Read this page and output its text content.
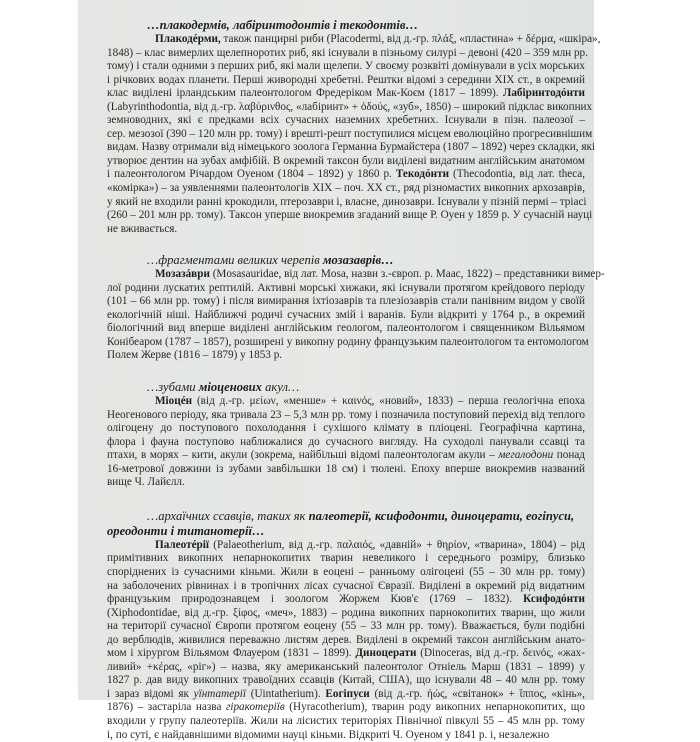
…плакодермів, лабіринтодонтів і текодонтів…
Плакодéрми, також панцирні риби (Placodermi, від д.-гр. πλάξ, «пластина» + δέρμα, «шкіра»,
1848) – клас вимерлих щелепноротих риб, які існували в пізньому силурі – девоні (420 – 359 млн рр.
тому) і стали одними з перших риб, які мали щелепи. У своєму розквіті домінували в усіх морських
і річкових водах планети. Перші живородні хребетні. Рештки відомі з середини XIX ст., в окремий
клас виділені ірландським палеонтологом Фредеріком Мак-Коєм (1817 – 1899). Лабіринтодóнти
(Labyrinthodontia, від д.-гр. λαβύρινθος, «лабіринт» + ὀδούς, «зуб», 1850) – широкий підклас викопних
земноводних, які є предками всіх сучасних наземних хребетних. Існували в пізн. палеозої –
сер. мезозої (390 – 120 млн рр. тому) і врешті-решт поступилися місцем еволюційно прогресивнішим
видам. Назву отримали від німецького зоолога Германна Бурмайстера (1807 – 1892) через складки, які
утворює дентин на зубах амфібій. В окремий таксон були виділені видатним англійським анатомом
і палеонтологом Річардом Оуеном (1804 – 1892) у 1860 р. Текодóнти (Thecodontia, від лат. theca,
«комірка») – за уявленнями палеонтологів XIX – поч. XX ст., ряд різномастих викопних архозаврів,
у який не входили ранні крокодили, птерозаври і, власне, динозаври. Існували у пізній пермі – тріасі
(260 – 201 млн рр. тому). Таксон уперше виокремив згаданий вище Р. Оуен у 1859 р. У сучасній науці
не вживається.
…фрагментами великих черепів мозазаврів…
Мозазáври (Mosasauridae, від лат. Mosa, назви з.-європ. р. Маас, 1822) – представники вимер-
лої родини лускатих рептилій. Активні морські хижаки, які існували протягом крейдового періоду
(101 – 66 млн рр. тому) і після вимирання іхтіозаврів та плезіозаврів стали панівним видом у своїй
екологічній ніші. Найближчі родичі сучасних змій і варанів. Були відкриті у 1764 р., в окремий
біологічний вид вперше виділені англійським геологом, палеонтологом і священником Вільямом
Конібеаром (1787 – 1857), розширені у викопну родину французьким палеонтологом та ентомологом
Полем Жерве (1816 – 1879) у 1853 р.
…зубами міоценових акул…
Міоцéн (від д.-гр. μείων, «менше» + καινός, «новий», 1833) – перша геологічна епоха
Неогенового періоду, яка тривала 23 – 5,3 млн рр. тому і позначила поступовий перехід від теплого
олігоцену до поступового похолодання і сухішого клімату в пліоцені. Географічна картина,
флора і фауна поступово наближалися до сучасного вигляду. На суходолі панували ссавці та
птахи, в морях – кити, акули (зокрема, найбільші відомі палеонтологам акули – мегалодони понад
16-метрової довжини із зубами завбільшки 18 см) і тюлені. Епоху вперше виокремив названий
вище Ч. Лайєлл.
…архаїчних ссавців, таких як палеотерії, ксифодонти, диноцерати, еогіпуси,
ореодонти і титанотерії…
Палеотéрії (Palaeotherium, від д.-гр. παλαιός, «давній» + θηρίον, «тварина», 1804) – рід
примітивних викопних непарнокопитих тварин невеликого і середнього розміру, близько
споріднених із сучасними кіньми. Жили в еоцені – ранньому олігоцені (55 – 30 млн рр. тому)
на заболочених рівнинах і в тропічних лісах сучасної Євразії. Виділені в окремий рід видатним
французьким природознавцем і зоологом Жоржем Кюв'є (1769 – 1832). Ксифодóнти
(Xiphodontidae, від д.-гр. ξίφος, «меч», 1883) – родина викопних парнокопитих тварин, що жили
на території сучасної Європи протягом еоцену (55 – 33 млн рр. тому). Вважається, були подібні
до верблюдів, живилися переважно листям дерев. Виділені в окремий таксон англійським анато-
мом і хірургом Вільямом Флауером (1831 – 1899). Диноцерати (Dinoceras, від д.-гр. δεινός, «жах-
ливий» +κέρας, «ріг») – назва, яку американський палеонтолог Отніель Марш (1831 – 1899) у
1827 р. дав виду викопних травоїдних ссавців (Китай, США), що існували 48 – 40 млн рр. тому
і зараз відомі як уїнтатерії (Uintatherium). Еогіпуси (від д.-гр. ἠώς, «світанок» + ἵππος, «кінь»,
1876) – застаріла назва гіракотеріїв (Hyracotherium), тварин роду викопних непарнокопитих, що
входили у групу палеотеріїв. Жили на лісистих територіях Північної півкулі 55 – 45 млн рр. тому
і, по суті, є найдавнішими відомими науці кіньми. Відкриті Ч. Оуеном у 1841 р. і, незалежно
